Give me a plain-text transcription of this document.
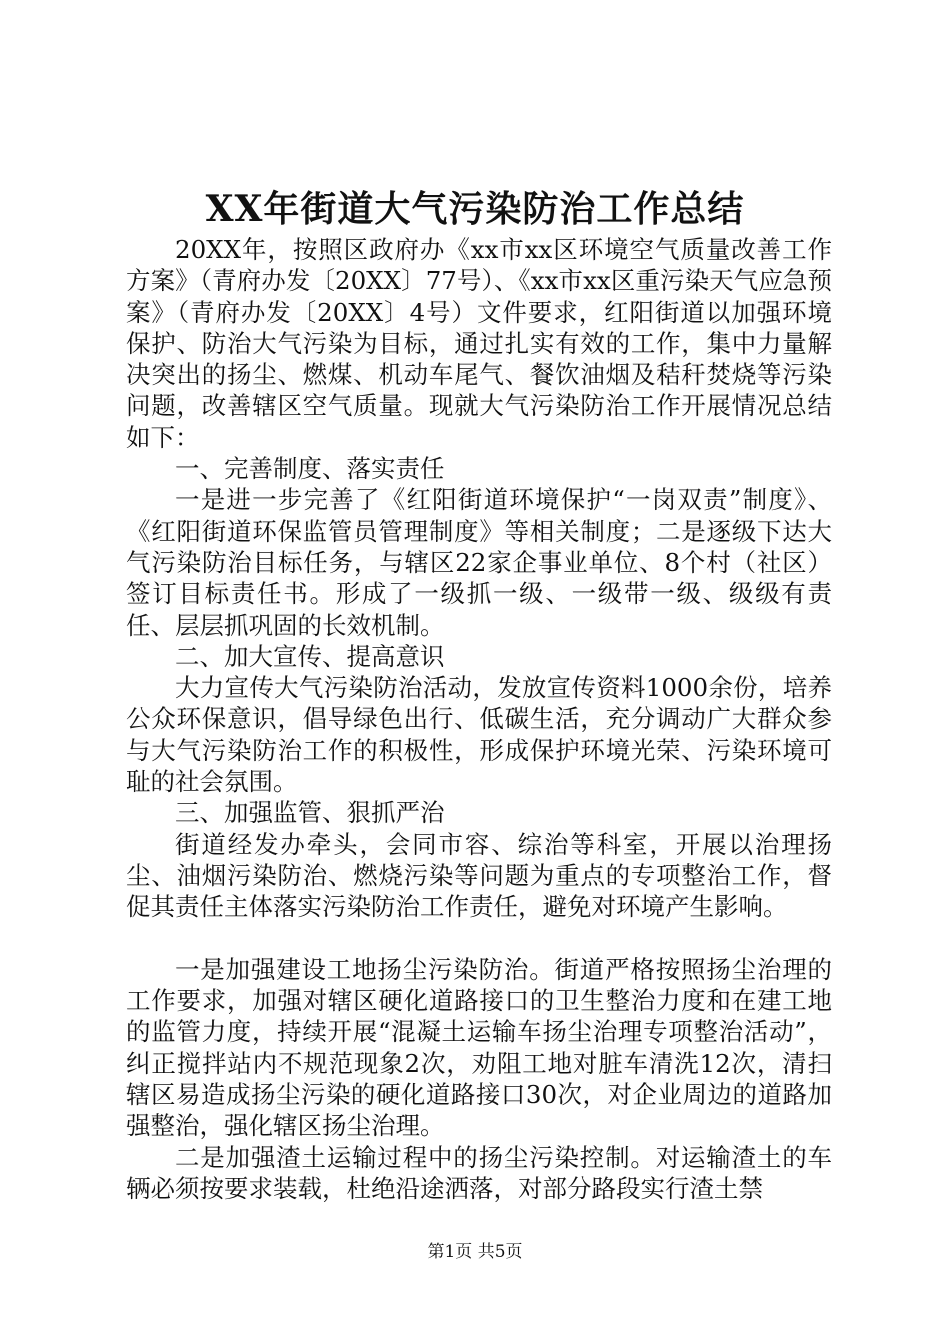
XX年街道大气污染防治工作总结

20XX年，按照区政府办《xx市xx区环境空气质量改善工作方案》（青府办发〔20XX〕77号）、《xx市xx区重污染天气应急预案》（青府办发〔20XX〕4号）文件要求，红阳街道以加强环境保护、防治大气污染为目标，通过扎实有效的工作，集中力量解决突出的扬尘、燃煤、机动车尾气、餐饮油烟及秸秆焚烧等污染问题，改善辖区空气质量。现就大气污染防治工作开展情况总结如下：

一、完善制度、落实责任

一是进一步完善了《红阳街道环境保护“一岗双责”制度》、《红阳街道环保监管员管理制度》等相关制度；二是逐级下达大气污染防治目标任务，与辖区22家企事业单位、8个村（社区）签订目标责任书。形成了一级抓一级、一级带一级、级级有责任、层层抓巩固的长效机制。

二、加大宣传、提高意识

大力宣传大气污染防治活动，发放宣传资料1000余份，培养公众环保意识，倡导绿色出行、低碳生活，充分调动广大群众参与大气污染防治工作的积极性，形成保护环境光荣、污染环境可耻的社会氛围。

三、加强监管、狠抓严治

街道经发办牵头，会同市容、综治等科室，开展以治理扬尘、油烟污染防治、燃烧污染等问题为重点的专项整治工作，督促其责任主体落实污染防治工作责任，避免对环境产生影响。

一是加强建设工地扬尘污染防治。街道严格按照扬尘治理的工作要求，加强对辖区硬化道路接口的卫生整治力度和在建工地的监管力度，持续开展“混凝土运输车扬尘治理专项整治活动”，纠正搅拌站内不规范现象2次，劝阻工地对脏车清洗12次，清扫辖区易造成扬尘污染的硬化道路接口30次，对企业周边的道路加强整治，强化辖区扬尘治理。

二是加强渣土运输过程中的扬尘污染控制。对运输渣土的车辆必须按要求装载，杜绝沿途洒落，对部分路段实行渣土禁

第1页 共5页
